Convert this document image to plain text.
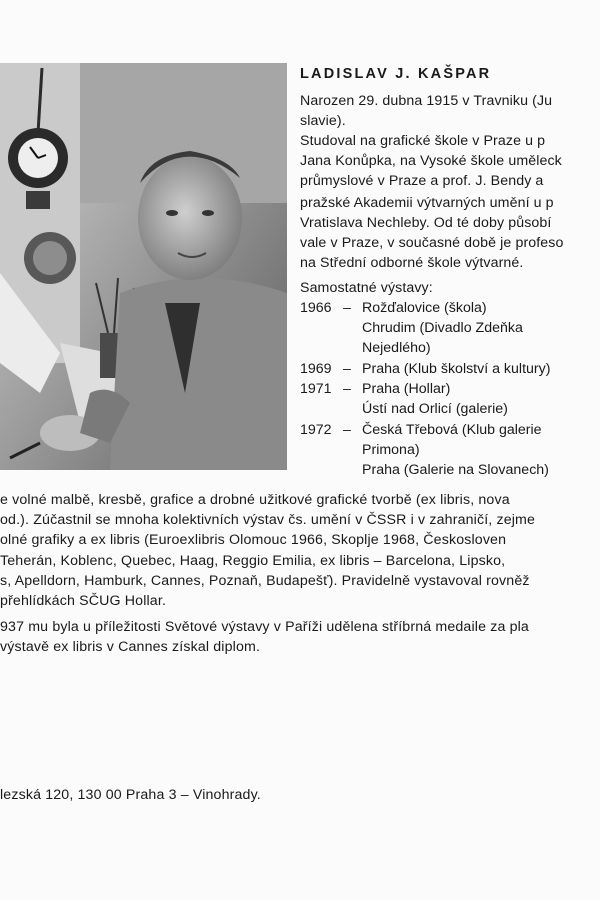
LADISLAV J. KAŠPAR
Narozen 29. dubna 1915 v Travniku (Ju
slavie).
Studoval na grafické škole v Praze u p
Jana Konůpka, na Vysoké škole uměleck
průmyslové v Praze a prof. J. Bendy a
pražské Akademii výtvarných umění u p
Vratislava Nechleby. Od té doby působí
vale v Praze, v současné době je profeso
na Střední odborné škole výtvarné.
Samostatné výstavy:
1966 – Rožďalovice (škola)
Chrudim (Divadlo Zdeňka
Nejedlého)
1969 – Praha (Klub školství a kultury)
1971 – Praha (Hollar)
Ústí nad Orlicí (galerie)
1972 – Česká Třebová (Klub galerie
Primona)
Praha (Galerie na Slovanech)
e volné malbě, kresbě, grafice a drobné užitkové grafické tvorbě (ex libris, nova
od.). Zúčastnil se mnoha kolektivních výstav čs. umění v ČSSR i v zahraničí, zejme
olné grafiky a ex libris (Euroexlibris Olomouc 1966, Skoplje 1968, Českosloven
Teherán, Koblenc, Quebec, Haag, Reggio Emilia, ex libris – Barcelona, Lipsko,
s, Apelldorn, Hamburk, Cannes, Poznaň, Budapešť). Pravidelně vystavoval rovněž
přehlídkách SČUG Hollar.
937 mu byla u příležitosti Světové výstavy v Paříži udělena stříbrná medaile za pla
výstavě ex libris v Cannes získal diplom.
lezská 120, 130 00 Praha 3 – Vinohrady.
